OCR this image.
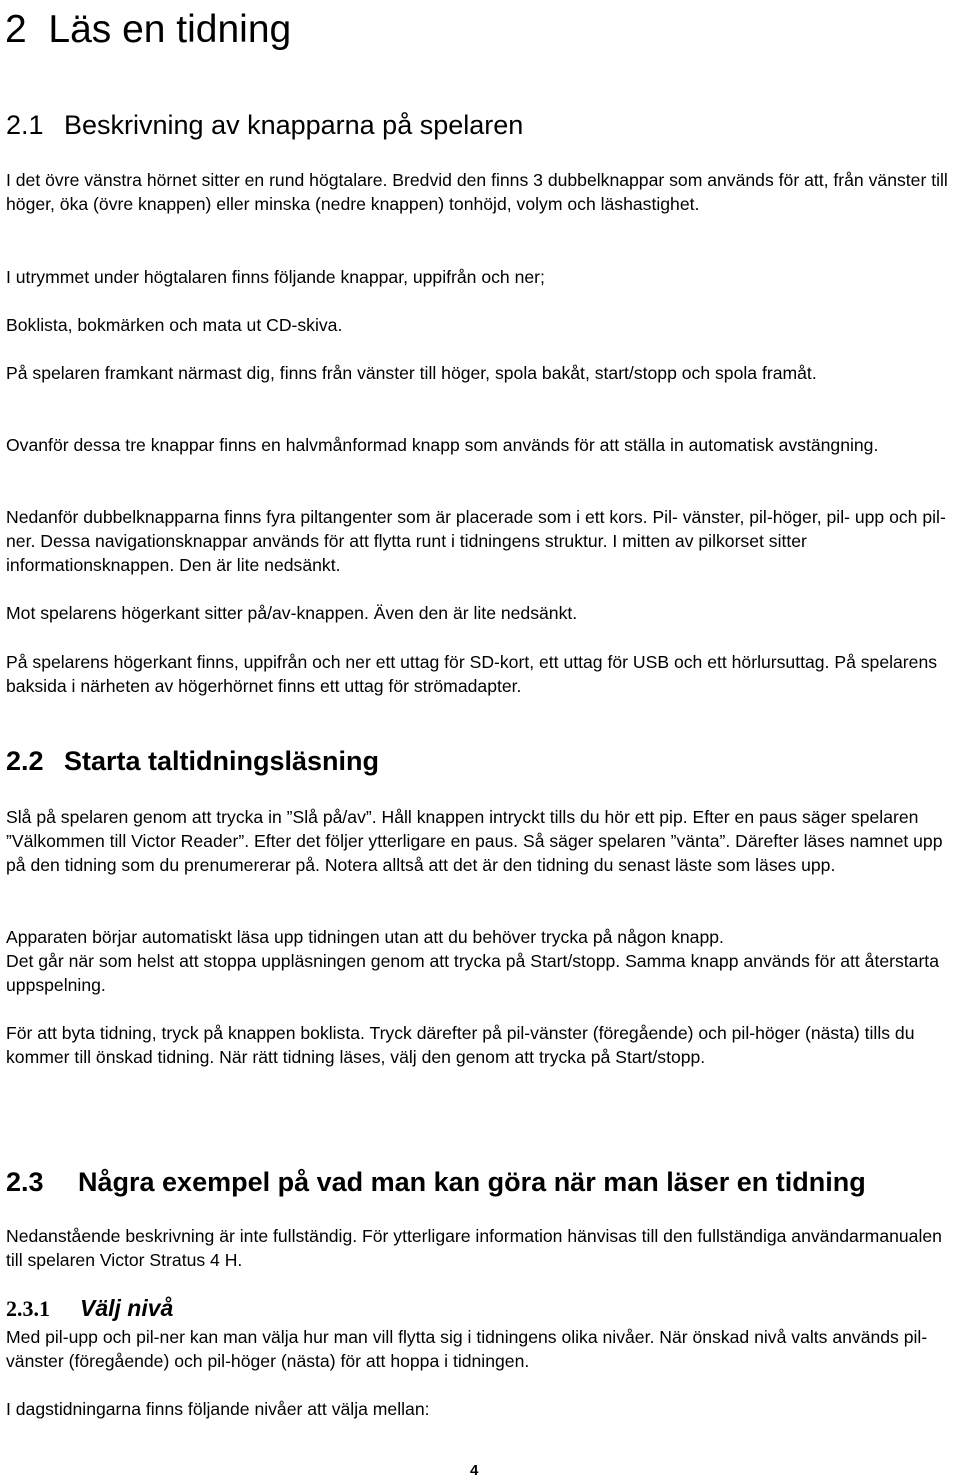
2 Läs en tidning
2.1 Beskrivning av knapparna på spelaren

I det övre vänstra hörnet sitter en rund högtalare. Bredvid den finns 3 dubbelknappar som används för att, från vänster till höger, öka (övre knappen) eller minska (nedre knappen) tonhöjd, volym och läshastighet.

I utrymmet under högtalaren finns följande knappar, uppifrån och ner;

Boklista, bokmärken och mata ut CD-skiva.

På spelaren framkant närmast dig, finns från vänster till höger, spola bakåt, start/stopp och spola framåt.

Ovanför dessa tre knappar finns en halvmånformad knapp som används för att ställa in automatisk avstängning.

Nedanför dubbelknapparna finns fyra piltangenter som är placerade som i ett kors. Pil- vänster, pil-höger, pil- upp och pil-ner. Dessa navigationsknappar används för att flytta runt i tidningens struktur. I mitten av pilkorset sitter informationsknappen. Den är lite nedsänkt.

Mot spelarens högerkant sitter på/av-knappen. Även den är lite nedsänkt.

På spelarens högerkant finns, uppifrån och ner ett uttag för SD-kort, ett uttag för USB och ett hörlursuttag. På spelarens baksida i närheten av högerhörnet finns ett uttag för strömadapter.

2.2 Starta taltidningsläsning

Slå på spelaren genom att trycka in ”Slå på/av”. Håll knappen intryckt tills du hör ett pip. Efter en paus säger spelaren ”Välkommen till Victor Reader”. Efter det följer ytterligare en paus. Så säger spelaren ”vänta”. Därefter läses namnet upp på den tidning som du prenumererar på. Notera alltså att det är den tidning du senast läste som läses upp.

Apparaten börjar automatiskt läsa upp tidningen utan att du behöver trycka på någon knapp.

Det går när som helst att stoppa uppläsningen genom att trycka på Start/stopp. Samma knapp används för att återstarta uppspelning.

För att byta tidning, tryck på knappen boklista. Tryck därefter på pil-vänster (föregående) och pil-höger (nästa) tills du kommer till önskad tidning. När rätt tidning läses, välj den genom att trycka på Start/stopp.

2.3 Några exempel på vad man kan göra när man läser en tidning

Nedanstående beskrivning är inte fullständig. För ytterligare information hänvisas till den fullständiga användarmanualen till spelaren Victor Stratus 4 H.

2.3.1 Välj nivå

Med pil-upp och pil-ner kan man välja hur man vill flytta sig i tidningens olika nivåer. När önskad nivå valts används pil-vänster (föregående) och pil-höger (nästa) för att hoppa i tidningen.

I dagstidningarna finns följande nivåer att välja mellan:

4
